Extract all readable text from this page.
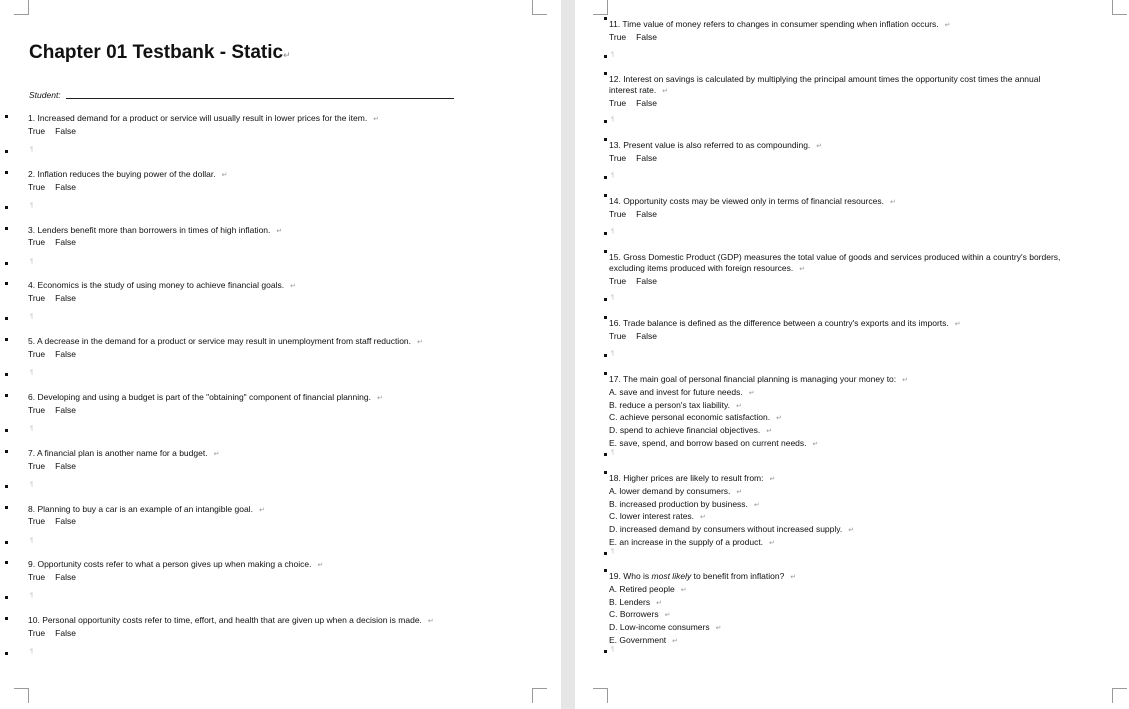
Chapter 01 Testbank - Static↵
Student:
1. Increased demand for a product or service will usually result in lower prices for the item. ↵
True False
¶
2. Inflation reduces the buying power of the dollar. ↵
True False
¶
3. Lenders benefit more than borrowers in times of high inflation. ↵
True False
¶
4. Economics is the study of using money to achieve financial goals. ↵
True False
¶
5. A decrease in the demand for a product or service may result in unemployment from staff reduction. ↵
True False
¶
6. Developing and using a budget is part of the "obtaining" component of financial planning. ↵
True False
¶
7. A financial plan is another name for a budget. ↵
True False
¶
8. Planning to buy a car is an example of an intangible goal. ↵
True False
¶
9. Opportunity costs refer to what a person gives up when making a choice. ↵
True False
¶
10. Personal opportunity costs refer to time, effort, and health that are given up when a decision is made. ↵
True False
¶
11. Time value of money refers to changes in consumer spending when inflation occurs. ↵
True False
¶
12. Interest on savings is calculated by multiplying the principal amount times the opportunity cost times the annual
interest rate. ↵
True False
¶
13. Present value is also referred to as compounding. ↵
True False
¶
14. Opportunity costs may be viewed only in terms of financial resources. ↵
True False
¶
15. Gross Domestic Product (GDP) measures the total value of goods and services produced within a country's borders,
excluding items produced with foreign resources. ↵
True False
¶
16. Trade balance is defined as the difference between a country's exports and its imports. ↵
True False
¶
17. The main goal of personal financial planning is managing your money to: ↵
A. save and invest for future needs. ↵
B. reduce a person's tax liability. ↵
C. achieve personal economic satisfaction. ↵
D. spend to achieve financial objectives. ↵
E. save, spend, and borrow based on current needs. ↵
¶
18. Higher prices are likely to result from: ↵
A. lower demand by consumers. ↵
B. increased production by business. ↵
C. lower interest rates. ↵
D. increased demand by consumers without increased supply. ↵
E. an increase in the supply of a product. ↵
¶
19. Who is most likely to benefit from inflation? ↵
A. Retired people ↵
B. Lenders ↵
C. Borrowers ↵
D. Low-income consumers ↵
E. Government ↵
¶
